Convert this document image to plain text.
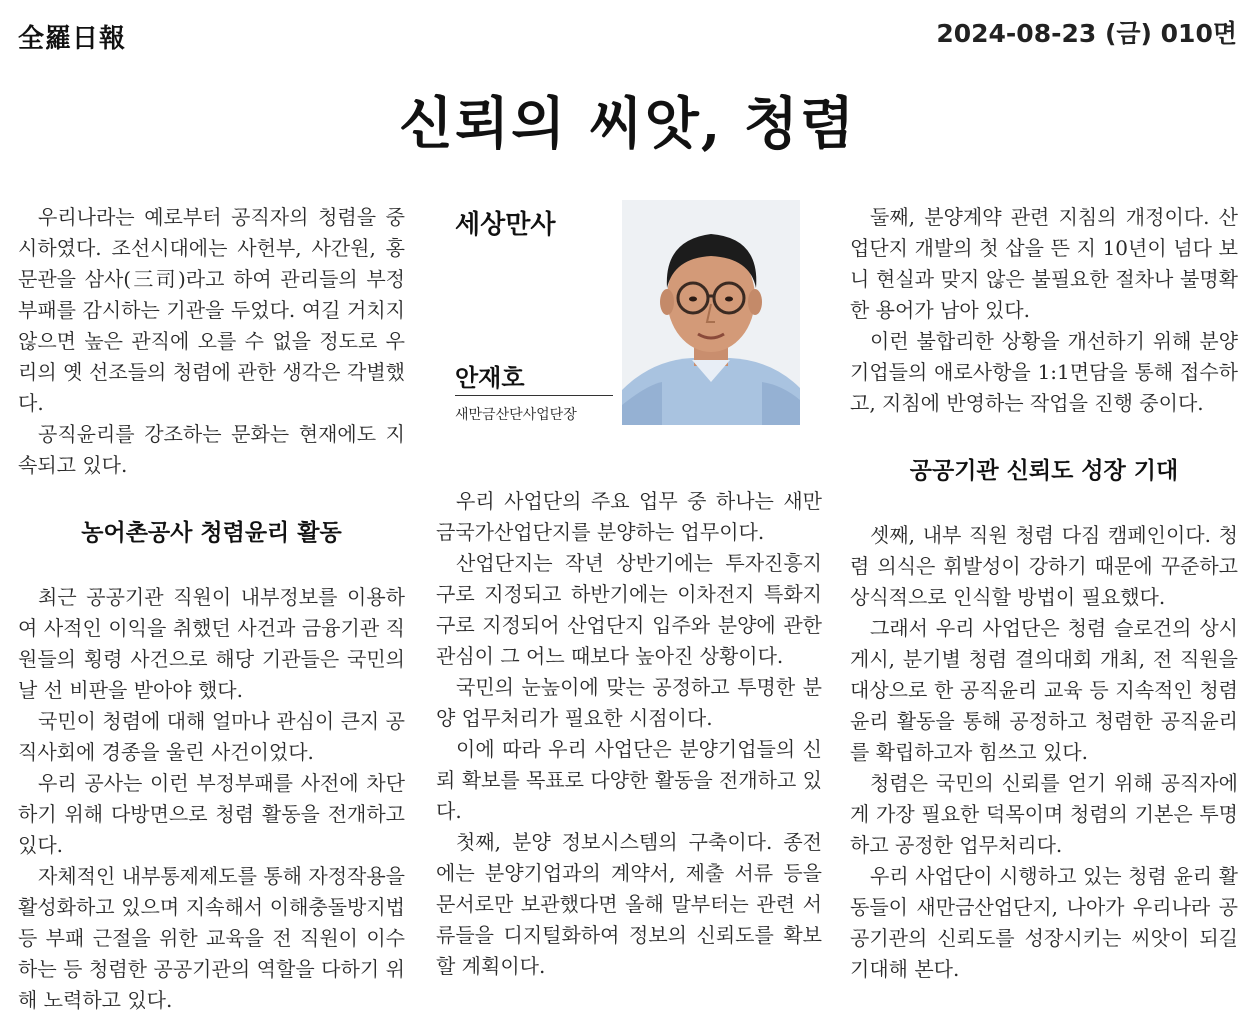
全羅日報	2024-08-23 (금) 010면
신뢰의 씨앗, 청렴

우리나라는 예로부터 공직자의 청렴을 중시하였다. 조선시대에는 사헌부, 사간원, 홍문관을 삼사(三司)라고 하여 관리들의 부정부패를 감시하는 기관을 두었다. 여길 거치지 않으면 높은 관직에 오를 수 없을 정도로 우리의 옛 선조들의 청렴에 관한 생각은 각별했다.

공직윤리를 강조하는 문화는 현재에도 지속되고 있다.

농어촌공사 청렴윤리 활동

최근 공공기관 직원이 내부정보를 이용하여 사적인 이익을 취했던 사건과 금융기관 직원들의 횡령 사건으로 해당 기관들은 국민의 날 선 비판을 받아야 했다.

국민이 청렴에 대해 얼마나 관심이 큰지 공직사회에 경종을 울린 사건이었다.

우리 공사는 이런 부정부패를 사전에 차단하기 위해 다방면으로 청렴 활동을 전개하고 있다.

자체적인 내부통제제도를 통해 자정작용을 활성화하고 있으며 지속해서 이해충돌방지법 등 부패 근절을 위한 교육을 전 직원이 이수하는 등 청렴한 공공기관의 역할을 다하기 위해 노력하고 있다.

세상만사
안재호
새만금산단사업단장

우리 사업단의 주요 업무 중 하나는 새만금국가산업단지를 분양하는 업무이다.

산업단지는 작년 상반기에는 투자진흥지구로 지정되고 하반기에는 이차전지 특화지구로 지정되어 산업단지 입주와 분양에 관한 관심이 그 어느 때보다 높아진 상황이다.

국민의 눈높이에 맞는 공정하고 투명한 분양 업무처리가 필요한 시점이다.

이에 따라 우리 사업단은 분양기업들의 신뢰 확보를 목표로 다양한 활동을 전개하고 있다.

첫째, 분양 정보시스템의 구축이다. 종전에는 분양기업과의 계약서, 제출 서류 등을 문서로만 보관했다면 올해 말부터는 관련 서류들을 디지털화하여 정보의 신뢰도를 확보할 계획이다.

둘째, 분양계약 관련 지침의 개정이다. 산업단지 개발의 첫 삽을 뜬 지 10년이 넘다 보니 현실과 맞지 않은 불필요한 절차나 불명확한 용어가 남아 있다.

이런 불합리한 상황을 개선하기 위해 분양기업들의 애로사항을 1:1면담을 통해 접수하고, 지침에 반영하는 작업을 진행 중이다.

공공기관 신뢰도 성장 기대

셋째, 내부 직원 청렴 다짐 캠페인이다. 청렴 의식은 휘발성이 강하기 때문에 꾸준하고 상식적으로 인식할 방법이 필요했다.

그래서 우리 사업단은 청렴 슬로건의 상시 게시, 분기별 청렴 결의대회 개최, 전 직원을 대상으로 한 공직윤리 교육 등 지속적인 청렴 윤리 활동을 통해 공정하고 청렴한 공직윤리를 확립하고자 힘쓰고 있다.

청렴은 국민의 신뢰를 얻기 위해 공직자에게 가장 필요한 덕목이며 청렴의 기본은 투명하고 공정한 업무처리다.

우리 사업단이 시행하고 있는 청렴 윤리 활동들이 새만금산업단지, 나아가 우리나라 공공기관의 신뢰도를 성장시키는 씨앗이 되길 기대해 본다.
